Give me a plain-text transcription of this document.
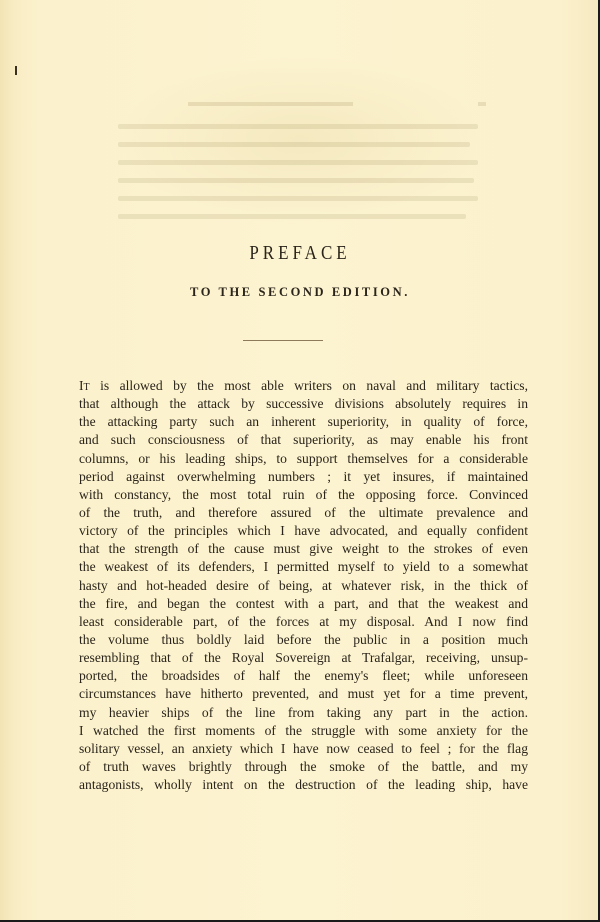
PREFACE
TO THE SECOND EDITION.
It is allowed by the most able writers on naval and military tactics,
that although the attack by successive divisions absolutely requires in
the attacking party such an inherent superiority, in quality of force,
and such consciousness of that superiority, as may enable his front
columns, or his leading ships, to support themselves for a considerable
period against overwhelming numbers ; it yet insures, if maintained
with constancy, the most total ruin of the opposing force. Convinced
of the truth, and therefore assured of the ultimate prevalence and
victory of the principles which I have advocated, and equally confident
that the strength of the cause must give weight to the strokes of even
the weakest of its defenders, I permitted myself to yield to a somewhat
hasty and hot-headed desire of being, at whatever risk, in the thick of
the fire, and began the contest with a part, and that the weakest and
least considerable part, of the forces at my disposal. And I now find
the volume thus boldly laid before the public in a position much
resembling that of the Royal Sovereign at Trafalgar, receiving, unsup-
ported, the broadsides of half the enemy's fleet; while unforeseen
circumstances have hitherto prevented, and must yet for a time prevent,
my heavier ships of the line from taking any part in the action.
I watched the first moments of the struggle with some anxiety for the
solitary vessel, an anxiety which I have now ceased to feel ; for the flag
of truth waves brightly through the smoke of the battle, and my
antagonists, wholly intent on the destruction of the leading ship, have
